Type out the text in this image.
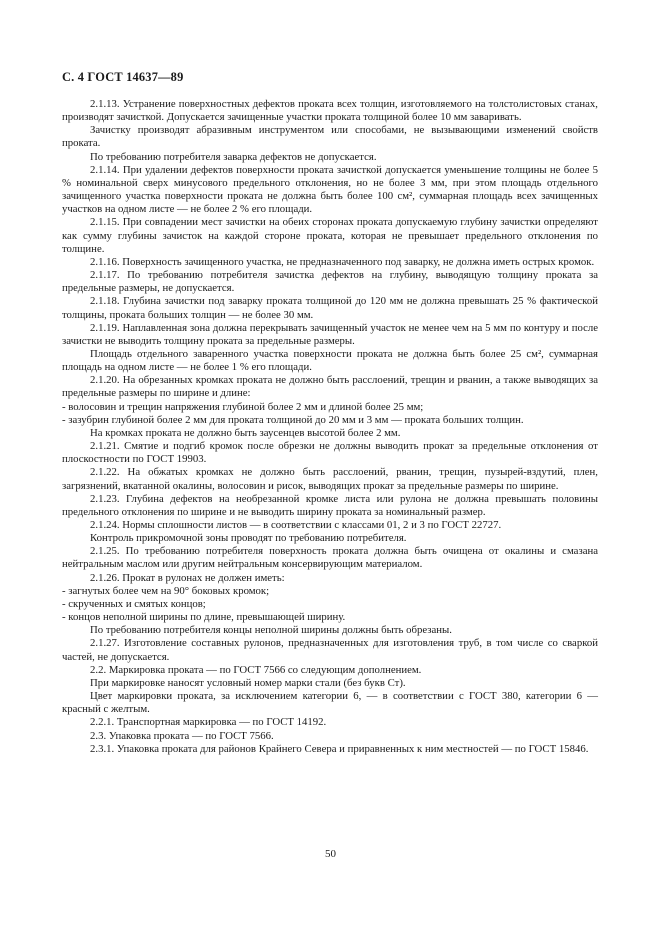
С. 4 ГОСТ 14637—89

2.1.13. Устранение поверхностных дефектов проката всех толщин, изготовляемого на толстолистовых станах, производят зачисткой. Допускается зачищенные участки проката толщиной более 10 мм заваривать.

Зачистку производят абразивным инструментом или способами, не вызывающими изменений свойств проката.

По требованию потребителя заварка дефектов не допускается.

2.1.14. При удалении дефектов поверхности проката зачисткой допускается уменьшение толщины не более 5 % номинальной сверх минусового предельного отклонения, но не более 3 мм, при этом площадь отдельного зачищенного участка поверхности проката не должна быть более 100 см², суммарная площадь всех зачищенных участков на одном листе — не более 2 % его площади.

2.1.15. При совпадении мест зачистки на обеих сторонах проката допускаемую глубину зачистки определяют как сумму глубины зачисток на каждой стороне проката, которая не превышает предельного отклонения по толщине.

2.1.16. Поверхность зачищенного участка, не предназначенного под заварку, не должна иметь острых кромок.

2.1.17. По требованию потребителя зачистка дефектов на глубину, выводящую толщину проката за предельные размеры, не допускается.

2.1.18. Глубина зачистки под заварку проката толщиной до 120 мм не должна превышать 25 % фактической толщины, проката больших толщин — не более 30 мм.

2.1.19. Наплавленная зона должна перекрывать зачищенный участок не менее чем на 5 мм по контуру и после зачистки не выводить толщину проката за предельные размеры.

Площадь отдельного заваренного участка поверхности проката не должна быть более 25 см², суммарная площадь на одном листе — не более 1 % его площади.

2.1.20. На обрезанных кромках проката не должно быть расслоений, трещин и рванин, а также выводящих за предельные размеры по ширине и длине:

- волосовин и трещин напряжения глубиной более 2 мм и длиной более 25 мм;

- зазубрин глубиной более 2 мм для проката толщиной до 20 мм и 3 мм — проката больших толщин.

На кромках проката не должно быть заусенцев высотой более 2 мм.

2.1.21. Смятие и подгиб кромок после обрезки не должны выводить прокат за предельные отклонения от плоскостности по ГОСТ 19903.

2.1.22. На обжатых кромках не должно быть расслоений, рванин, трещин, пузырей-вздутий, плен, загрязнений, вкатанной окалины, волосовин и рисок, выводящих прокат за предельные размеры по ширине.

2.1.23. Глубина дефектов на необрезанной кромке листа или рулона не должна превышать половины предельного отклонения по ширине и не выводить ширину проката за номинальный размер.

2.1.24. Нормы сплошности листов — в соответствии с классами 01, 2 и 3 по ГОСТ 22727.

Контроль прикромочной зоны проводят по требованию потребителя.

2.1.25. По требованию потребителя поверхность проката должна быть очищена от окалины и смазана нейтральным маслом или другим нейтральным консервирующим материалом.

2.1.26. Прокат в рулонах не должен иметь:

- загнутых более чем на 90° боковых кромок;

- скрученных и смятых концов;

- концов неполной ширины по длине, превышающей ширину.

По требованию потребителя концы неполной ширины должны быть обрезаны.

2.1.27. Изготовление составных рулонов, предназначенных для изготовления труб, в том числе со сваркой частей, не допускается.

2.2. Маркировка проката — по ГОСТ 7566 со следующим дополнением.

При маркировке наносят условный номер марки стали (без букв Ст).

Цвет маркировки проката, за исключением категории 6, — в соответствии с ГОСТ 380, категории 6 — красный с желтым.

2.2.1. Транспортная маркировка — по ГОСТ 14192.

2.3. Упаковка проката — по ГОСТ 7566.

2.3.1. Упаковка проката для районов Крайнего Севера и приравненных к ним местностей — по ГОСТ 15846.

50
